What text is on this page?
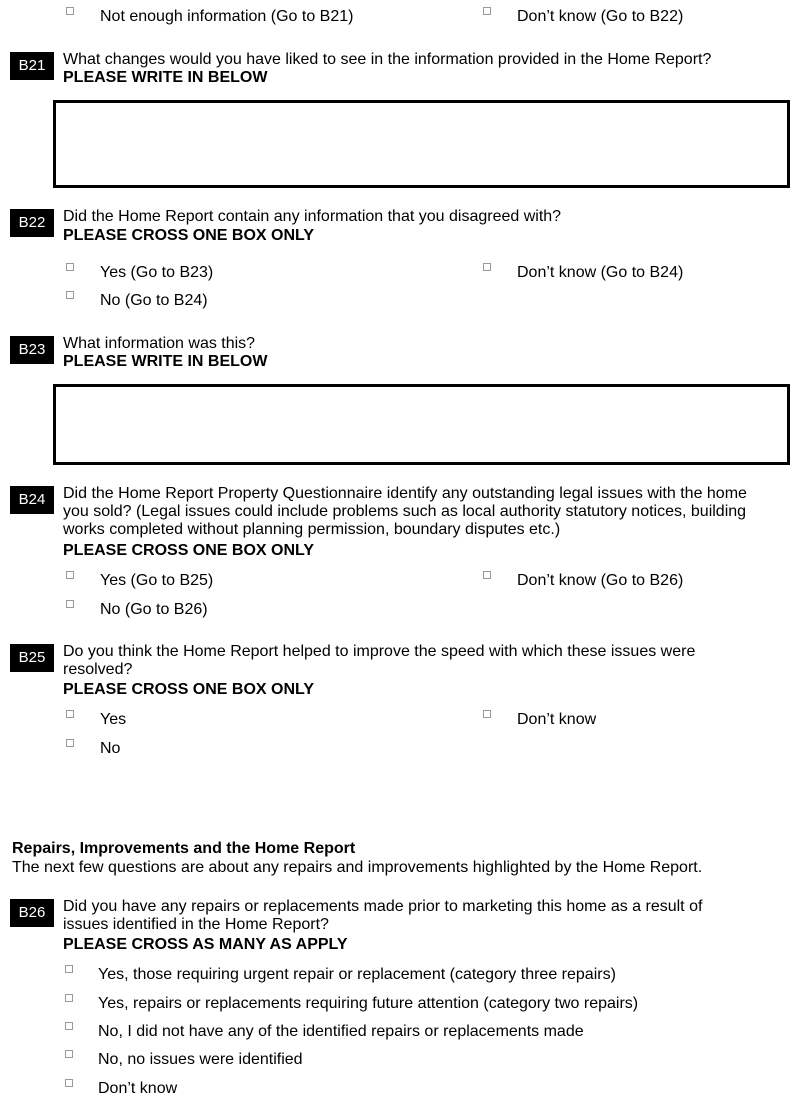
Not enough information (Go to B21)	Don’t know (Go to B22)
B21	What changes would you have liked to see in the information provided in the Home Report?
PLEASE WRITE IN BELOW
B22	Did the Home Report contain any information that you disagreed with?
PLEASE CROSS ONE BOX ONLY
Yes (Go to B23)	Don’t know (Go to B24)
No (Go to B24)
B23	What information was this?
PLEASE WRITE IN BELOW
B24	Did the Home Report Property Questionnaire identify any outstanding legal issues with the home
you sold? (Legal issues could include problems such as local authority statutory notices, building
works completed without planning permission, boundary disputes etc.)
PLEASE CROSS ONE BOX ONLY
Yes (Go to B25)	Don’t know (Go to B26)
No (Go to B26)
B25	Do you think the Home Report helped to improve the speed with which these issues were
resolved?
PLEASE CROSS ONE BOX ONLY
Yes	Don’t know
No
Repairs, Improvements and the Home Report
The next few questions are about any repairs and improvements highlighted by the Home Report.
B26	Did you have any repairs or replacements made prior to marketing this home as a result of
issues identified in the Home Report?
PLEASE CROSS AS MANY AS APPLY
Yes, those requiring urgent repair or replacement (category three repairs)
Yes, repairs or replacements requiring future attention (category two repairs)
No, I did not have any of the identified repairs or replacements made
No, no issues were identified
Don’t know
